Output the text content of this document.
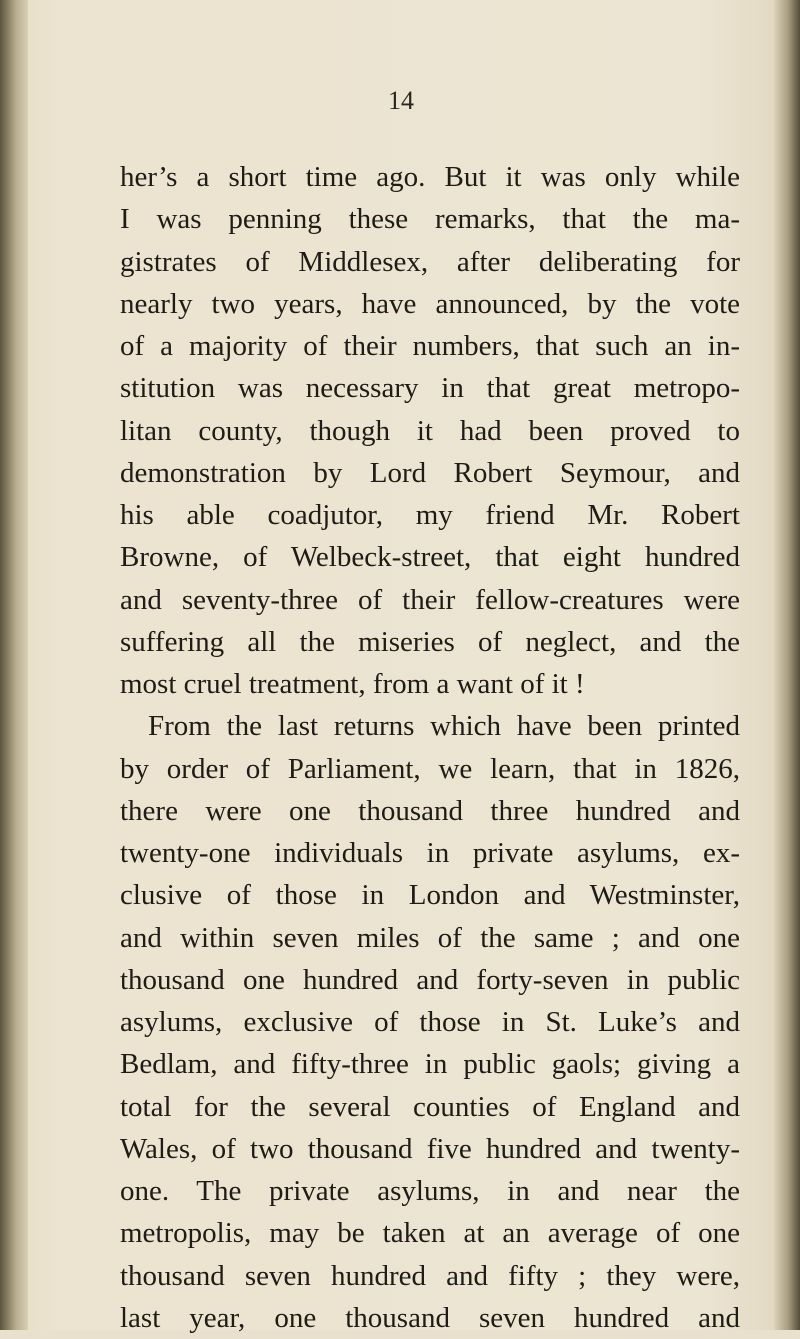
14
her’s a short time ago. But it was only while
I was penning these remarks, that the ma-
gistrates of Middlesex, after deliberating for
nearly two years, have announced, by the vote
of a majority of their numbers, that such an in-
stitution was necessary in that great metropo-
litan county, though it had been proved to
demonstration by Lord Robert Seymour, and
his able coadjutor, my friend Mr. Robert
Browne, of Welbeck-street, that eight hundred
and seventy-three of their fellow-creatures were
suffering all the miseries of neglect, and the
most cruel treatment, from a want of it !
From the last returns which have been printed
by order of Parliament, we learn, that in 1826,
there were one thousand three hundred and
twenty-one individuals in private asylums, ex-
clusive of those in London and Westminster,
and within seven miles of the same ; and one
thousand one hundred and forty-seven in public
asylums, exclusive of those in St. Luke’s and
Bedlam, and fifty-three in public gaols; giving a
total for the several counties of England and
Wales, of two thousand five hundred and twenty-
one. The private asylums, in and near the
metropolis, may be taken at an average of one
thousand seven hundred and fifty ; they were,
last year, one thousand seven hundred and
